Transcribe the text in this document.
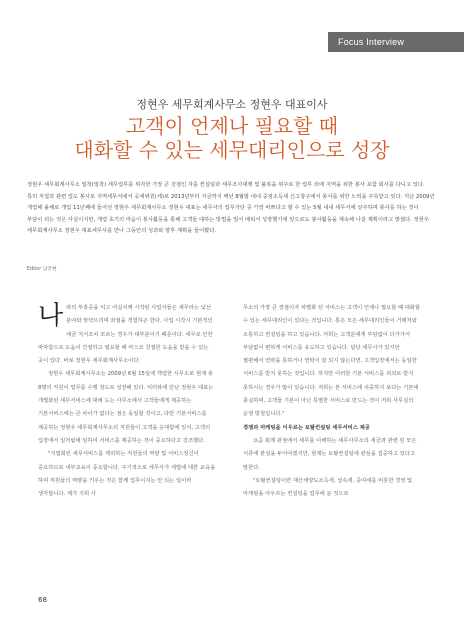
Focus Interview
정현우 세무회계사무소 정현우 대표이사
고객이 언제나 필요할 때
대화할 수 있는 세무대리인으로 성장
정현우 세무회계사무소 밀착(밀착) 세무업무를 위자한 가장 큰 강점인 자를 컨설팅과 세무조사대행 및 불복을 위주로 한 업무 외에 지역을 위한 봉사 포함 회사를 다니고 있다. 특히 직접과 관련 업도 봉사로 지역세무서에서 공세위원(세)로 2013년부터 지금까지 매년 8월말 내내 중점소득세 신고창구에서 봉사를 위한 노력을 주목받고 있다. 지난 2009년 개업해 올해로 개업 11년째에 들어선 정현우 세무회계사무소 정현우 대표는 세무사의 업무가단 중 가장 바쁘다고 할 수 있는 5월 내내 세무서에 상주하며 봉사를 하는 것이 부담이 되는 것은 사실이지만, 개업 초기의 마음이 봉사활동을 통해 고객들 대하는 방법을 빌어 배워서 성장했기에 앞으로도 봉사활동을 계속해 나갈 계획이라고 밝혔다. 정현우 세무회계사무소 정현우 대표세무사를 만나 그동안의 성과와 향후 계획을 들어봤다.
Editor 남궁현
나 라의 부흥공을 익고 여실치께 시작된 사업자들은 세무라는 낯선 분야와 맞닥뜨리며 좌절을 경험하곤 한다. 사업 시작시 기본적인 세금 지식조차 모르는 경우가 대부분이기 때문이다. 세무로 인한 막막함으로 도움이 간절하고 필요할 때 마스코 친절한 도움을 받을 수 있는 곳이 있다. 바로 정현우 세무회계사무소이다.

정현우 세무회계사무소는 2009년 6월 15일에 개업한 사무소로 현재 총 8명의 직원이 업무를 수행 정도로 성장해 있다. 익터뷰에 만난 정현우 대표는 개별화된 세무서비스에 대해 도는 사무소에서 고객들에게 제공하는 기본서비스에는 큰 차이가 없다는 점은 동일할 것이고, 다만 기본서비스를 제공하는 정현우 세무회계사무소의 직원들이 고객을 응대함에 있어, 고객의 입장에서 일처럼에 임하여 서비스를 제공하는 것이 중요하다고 강조했다.

"지엽회된 세무서비스를 제외하는 직원들의 역량 및 서비스정신이 중요하므로 내부교육이 중요합니다. 주기적으로 세무사가 세법에 대한 교육을 하며 직원들의 역량을 키우는 것은 함께 업무이지는 안 되는 일이라 생각합니다. 제가 지희 사

무소의 가장 큰 장점이자 차별화 된 서비스는 고객이 언제나 필요할 때 대화할 수 있는 세무대리인이 있다는 것입니다. 통은 모든 세무대리인들이 거래처와 소통하고 컨설팅을 하고 있습니다. 저희는 고객분에게 부담없이 다가가서 부담없이 편하게 서비스를 유도하고 있습니다. 담당 세무사가 있지만 필편해서 연락을 못하거나 연락이 잘 되지 않는다면, 고객입장에서는 동일한 서비스를 받지 못하는 것입니다. 하지만 이러한 기본 서비스를 외외로 받지 못하시는 경우가 많이 있습니다. 저희는 본 서비스에 치중하지 보다는 기본에 충실하며, 고객들 기본이 아닌 특별한 서비스로 만드는 것이 저희 사무실의 운영 방침입니다."

경쟁과 마케팅을 이우르는 토탈컨설팅 세무서비스 제공

요즘 회계 관점에서 세무를 이해하는 세무사무소의 세금과 관련 된 모든 서류에 관심을 두어야겠지만, 현재는 토탈컨설팅에 관심을 집중하고 있다고 말한다.

"토탈컨설팅이란 재산세양도소득세, 상속세, 증여세를 비롯한 경영 및 마케팅을 아우르는 컨설팅을 업무에 둔 것으로

68
